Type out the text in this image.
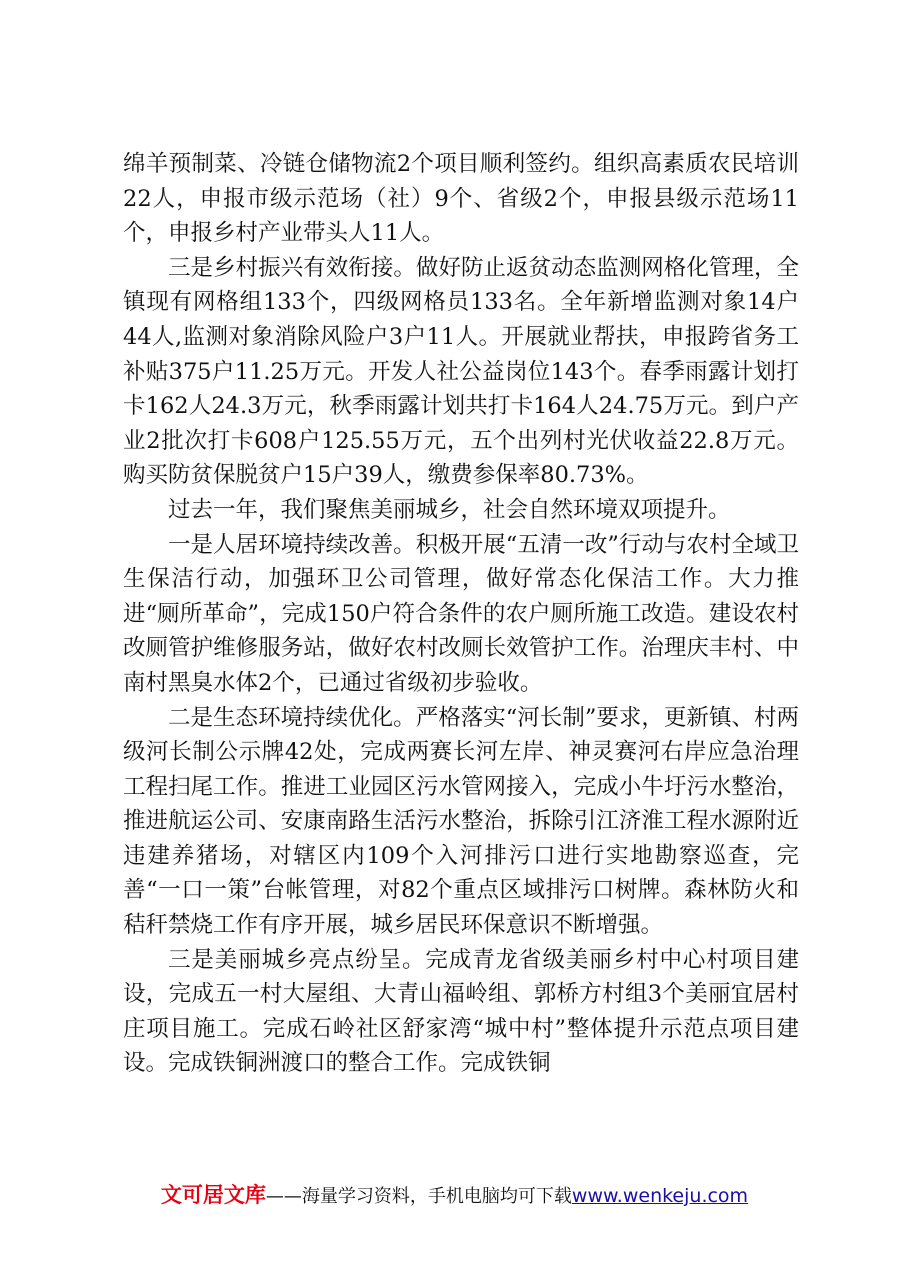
绵羊预制菜、冷链仓储物流2个项目顺利签约。组织高素质农民培训22人，申报市级示范场（社）9个、省级2个，申报县级示范场11个，申报乡村产业带头人11人。

三是乡村振兴有效衔接。做好防止返贫动态监测网格化管理，全镇现有网格组133个，四级网格员133名。全年新增监测对象14户44人,监测对象消除风险户3户11人。开展就业帮扶，申报跨省务工补贴375户11.25万元。开发人社公益岗位143个。春季雨露计划打卡162人24.3万元，秋季雨露计划共打卡164人24.75万元。到户产业2批次打卡608户125.55万元，五个出列村光伏收益22.8万元。购买防贫保脱贫户15户39人，缴费参保率80.73%。

过去一年，我们聚焦美丽城乡，社会自然环境双项提升。

一是人居环境持续改善。积极开展“五清一改”行动与农村全域卫生保洁行动，加强环卫公司管理，做好常态化保洁工作。大力推进“厕所革命”，完成150户符合条件的农户厕所施工改造。建设农村改厕管护维修服务站，做好农村改厕长效管护工作。治理庆丰村、中南村黑臭水体2个，已通过省级初步验收。

二是生态环境持续优化。严格落实“河长制”要求，更新镇、村两级河长制公示牌42处，完成两赛长河左岸、神灵赛河右岸应急治理工程扫尾工作。推进工业园区污水管网接入，完成小牛圩污水整治，推进航运公司、安康南路生活污水整治，拆除引江济淮工程水源附近违建养猪场，对辖区内109个入河排污口进行实地勘察巡查，完善“一口一策”台帐管理，对82个重点区域排污口树牌。森林防火和秸秆禁烧工作有序开展，城乡居民环保意识不断增强。

三是美丽城乡亮点纷呈。完成青龙省级美丽乡村中心村项目建设，完成五一村大屋组、大青山福岭组、郭桥方村组3个美丽宜居村庄项目施工。完成石岭社区舒家湾“城中村”整体提升示范点项目建设。完成铁铜洲渡口的整合工作。完成铁铜

文可居文库——海量学习资料，手机电脑均可下载www.wenkeju.com
